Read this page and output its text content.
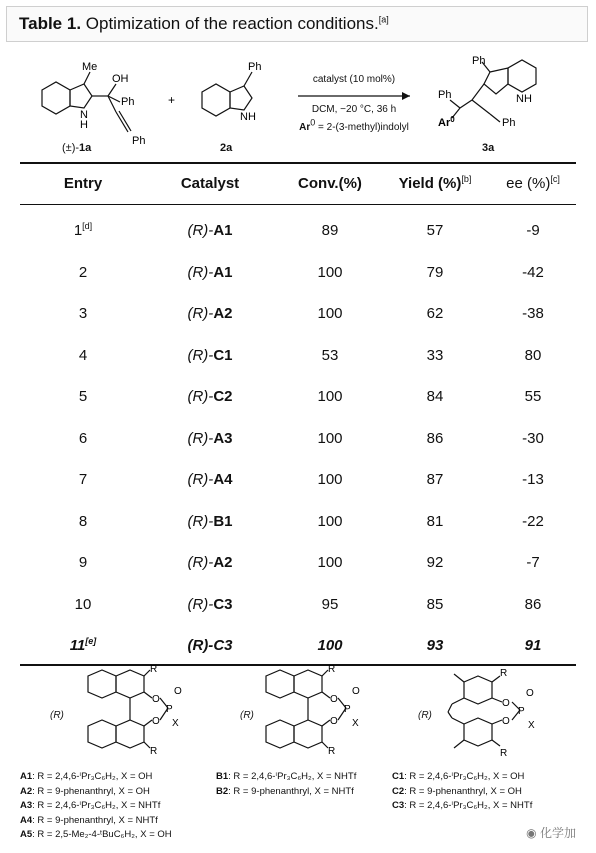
Table 1. Optimization of the reaction conditions.[a]
Me
OH
Ph
Ph
N
H
+
Ph
NH
Ph
NH
Ph
Ar$^0$	Ph
(±)-1a	2a	3a
catalyst (10 mol%)
DCM, −20 °C, 36 h
$Ar^0$ = 2-(3-methyl)indolyl
Entry	Catalyst	Conv.(%)	Yield (%)[b]	ee (%)[c]
1[d]	(R)-A1	89	57	-9
2	(R)-A1	100	79	-42
3	(R)-A2	100	62	-38
4	(R)-C1	53	33	80
5	(R)-C2	100	84	55
6	(R)-A3	100	86	-30
7	(R)-A4	100	87	-13
8	(R)-B1	100	81	-22
9	(R)-A2	100	92	-7
10	(R)-C3	95	85	86
11[e]	(R)-C3	100	93	91
R
O
O
P
O
X
R
(R)
R
O
O
P
O
X
R
(R)
R
O
O
P
O
X
R
(R)
A1: R = 2,4,6-ⁱPr₃C₆H₂, X = OH
A2: R = 9-phenanthryl, X = OH
A3: R = 2,4,6-ⁱPr₃C₆H₂, X = NHTf
A4: R = 9-phenanthryl, X = NHTf
A5: R = 2,5-Me₂-4-ᵗBuC₆H₂, X = OH
B1: R = 2,4,6-ⁱPr₃C₆H₂, X = NHTf
B2: R = 9-phenanthryl, X = NHTf
C1: R = 2,4,6-ⁱPr₃C₆H₂, X = OH
C2: R = 9-phenanthryl, X = OH
C3: R = 2,4,6-ⁱPr₃C₆H₂, X = NHTf
◉ 化学加
